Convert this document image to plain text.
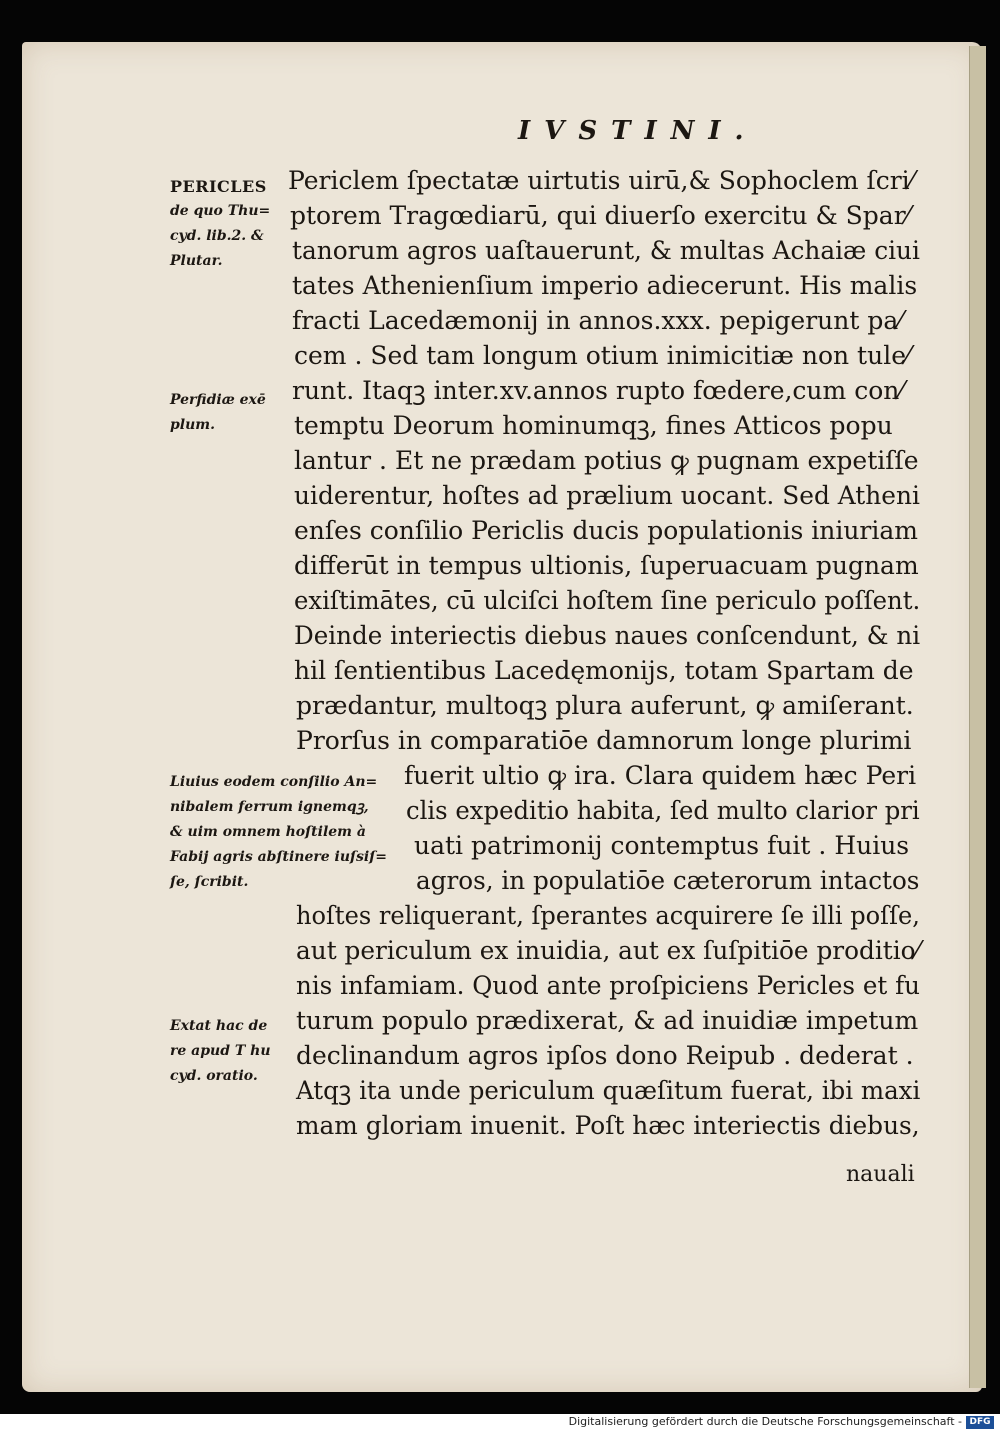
IVSTINI.
Periclem ſpectatæ uirtutis uirū,& Sophoclem ſcri⁄
ptorem Tragœdiarū, qui diuerſo exercitu & Spar⁄
tanorum agros uaſtauerunt, & multas Achaiæ ciui
tates Athenienſium imperio adiecerunt. His malis
fracti Lacedæmonij in annos.xxx. pepigerunt pa⁄
cem . Sed tam longum otium inimicitiæ non tule⁄
runt. Itaqꝫ inter.xv.annos rupto fœdere,cum con⁄
temptu Deorum hominumqꝫ, fines Atticos popu
lantur . Et ne prædam potius ꝙ pugnam expetiſſe
uiderentur, hoſtes ad prælium uocant. Sed Atheni
enſes conſilio Periclis ducis populationis iniuriam
differūt in tempus ultionis, ſuperuacuam pugnam
exiſtimātes, cū ulciſci hoſtem ſine periculo poſſent.
Deinde interiectis diebus naues conſcendunt, & ni
hil ſentientibus Lacedęmonijs, totam Spartam de
prædantur, multoqꝫ plura auferunt, ꝙ amiſerant.
Prorſus in comparatiōe damnorum longe plurimi
fuerit ultio ꝙ ira. Clara quidem hæc Peri
clis expeditio habita, ſed multo clarior pri
uati patrimonij contemptus fuit . Huius
agros, in populatiōe cæterorum intactos
hoſtes reliquerant, ſperantes acquirere ſe illi poſſe,
aut periculum ex inuidia, aut ex ſuſpitiōe proditio⁄
nis infamiam. Quod ante proſpiciens Pericles et fu
turum populo prædixerat, & ad inuidiæ impetum
declinandum agros ipſos dono Reipub . dederat .
Atqꝫ ita unde periculum quæſitum fuerat, ibi maxi
mam gloriam inuenit. Poſt hæc interiectis diebus,
nauali
PERICLES
de quo Thu=
cyd. lib.2. &
Plutar.
Perfidiæ exē
plum.
Liuius eodem conſilio An=
nibalem ferrum ignemqꝫ,
& uim omnem hoſtilem à
Fabij agris abſtinere iuſsiſ=
ſe, ſcribit.
Extat hac de
re apud T hu
cyd. oratio.
Digitalisierung gefördert durch die Deutsche Forschungsgemeinschaft - DFG
